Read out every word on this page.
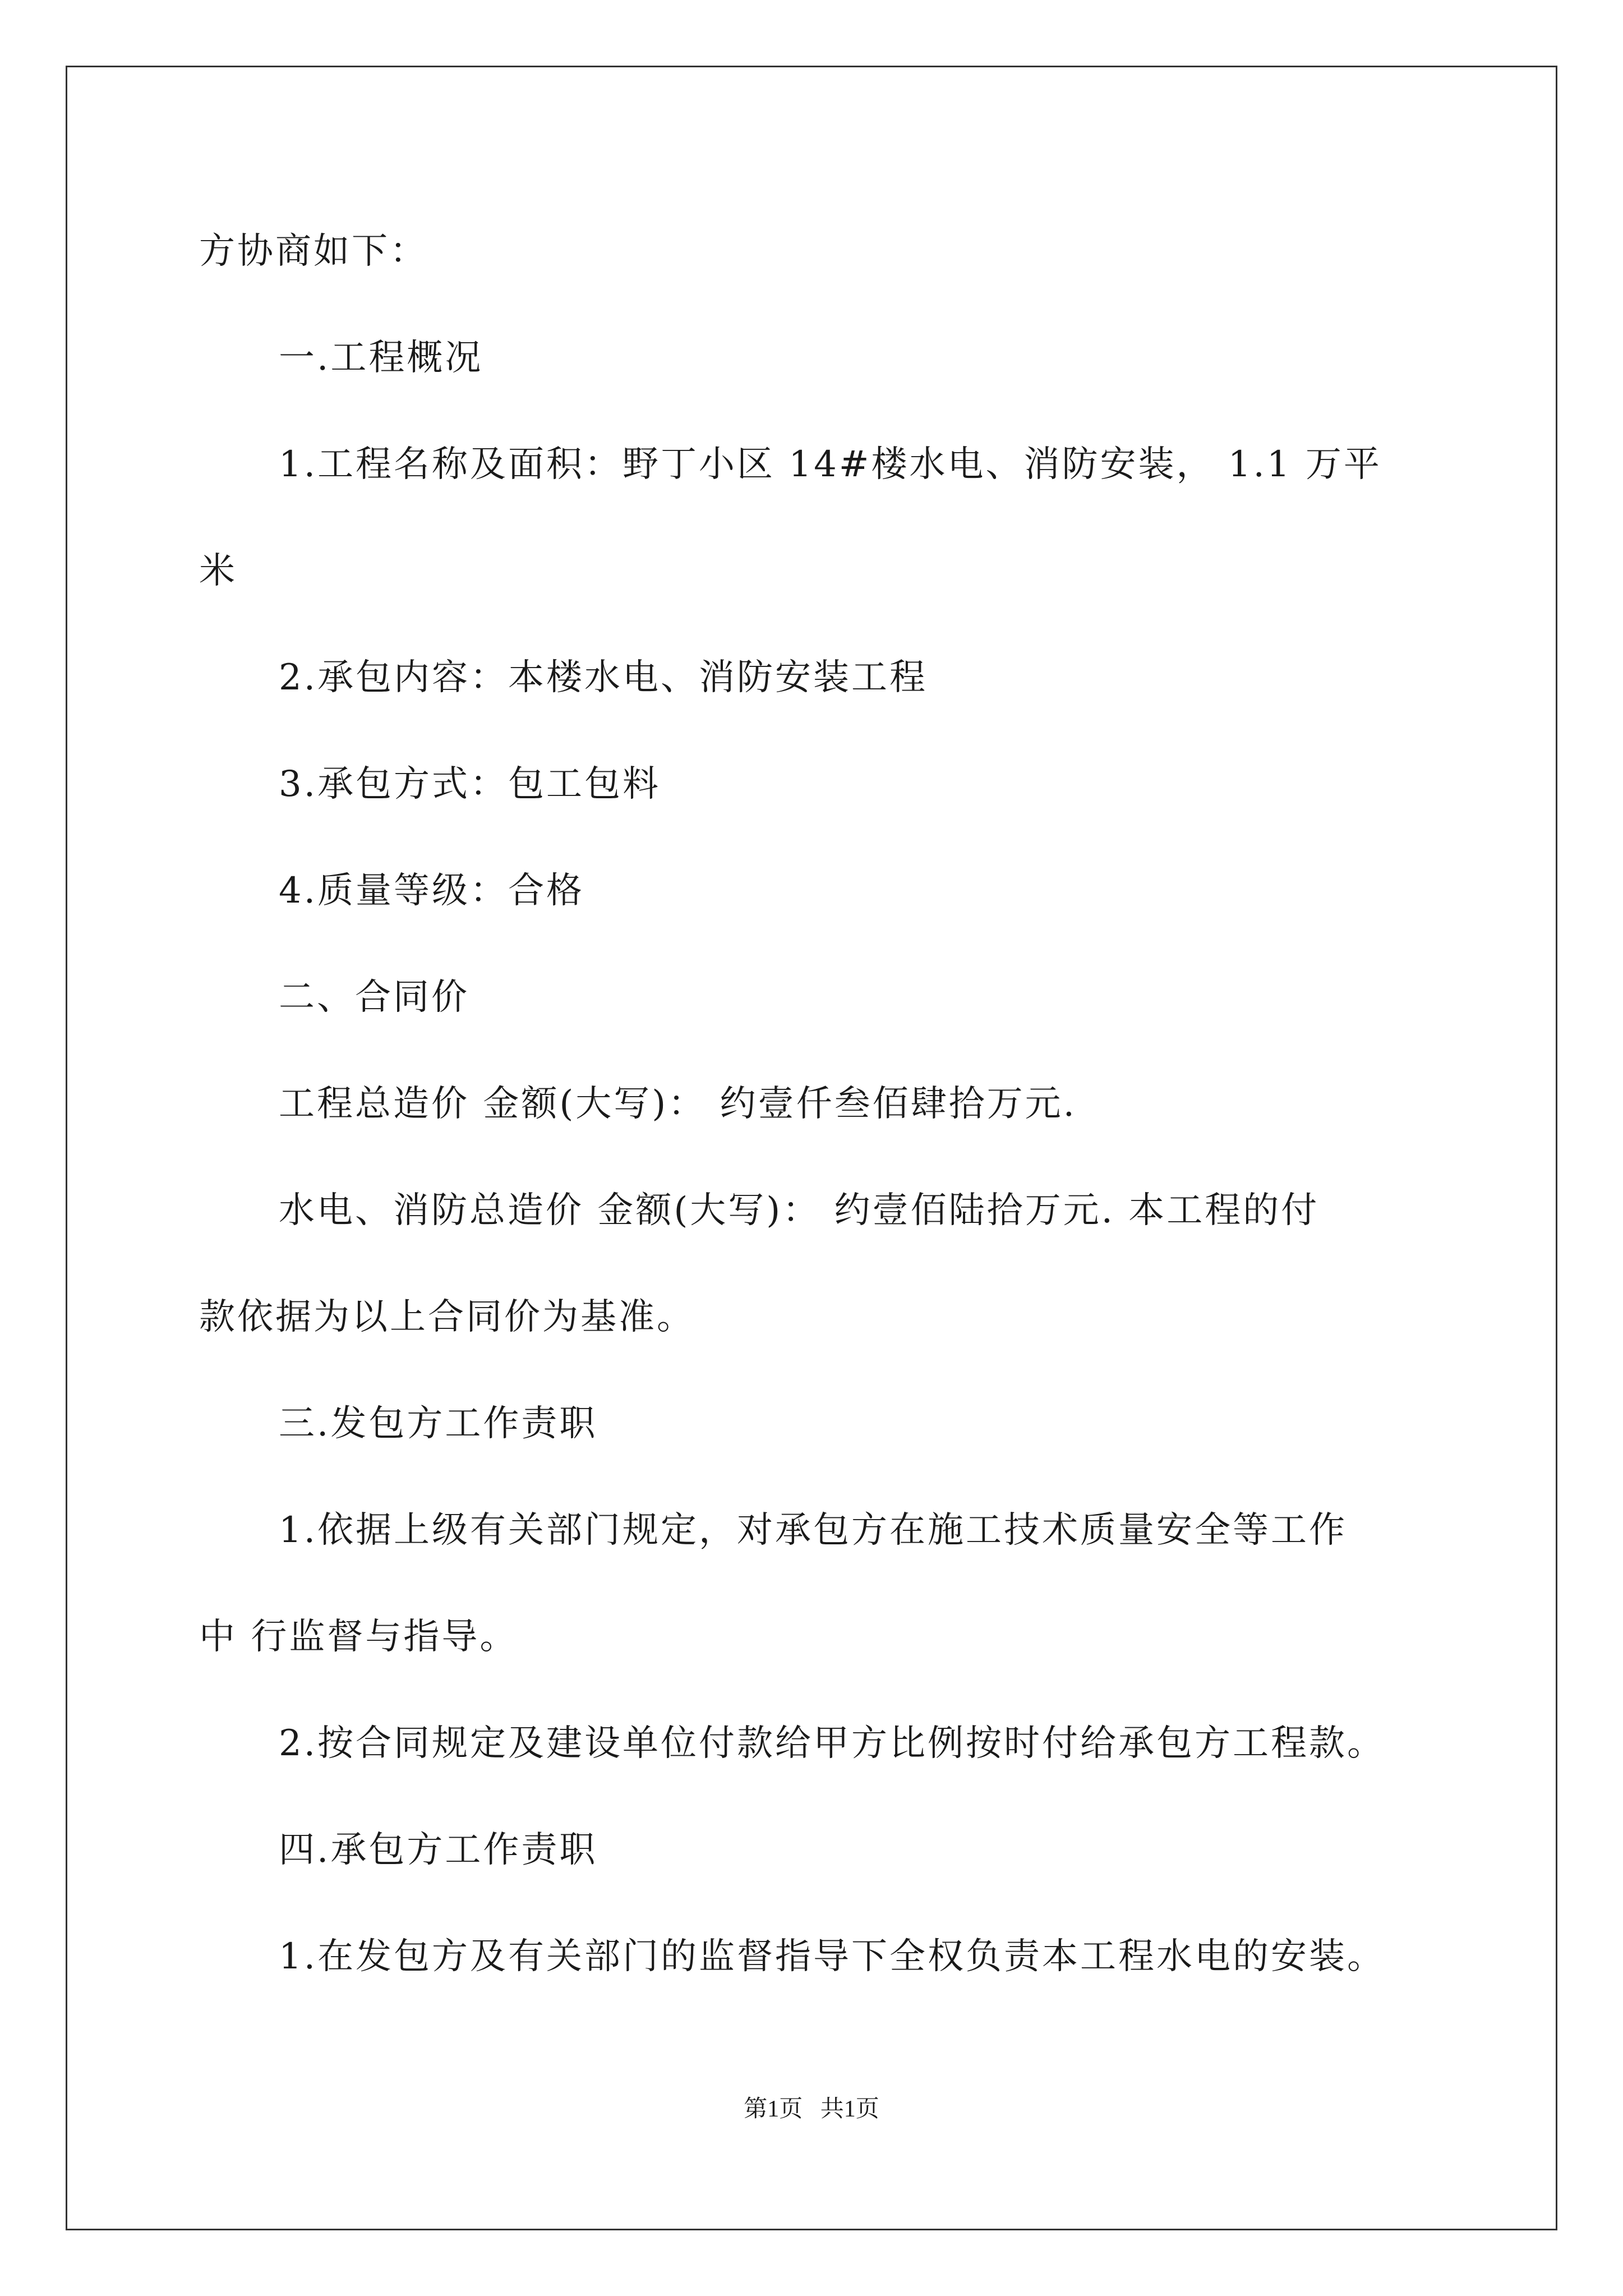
方协商如下：
一.工程概况
1.工程名称及面积：野丁小区 14#楼水电、消防安装， 1.1 万平
米
2.承包内容：本楼水电、消防安装工程
3.承包方式：包工包料
4.质量等级：合格
二、合同价
工程总造价 金额(大写)： 约壹仟叁佰肆拾万元.
水电、消防总造价 金额(大写)： 约壹佰陆拾万元. 本工程的付
款依据为以上合同价为基准。
三.发包方工作责职
1.依据上级有关部门规定，对承包方在施工技术质量安全等工作
中 行监督与指导。
2.按合同规定及建设单位付款给甲方比例按时付给承包方工程款。
四.承包方工作责职
1.在发包方及有关部门的监督指导下全权负责本工程水电的安装。
第1页   共1页
